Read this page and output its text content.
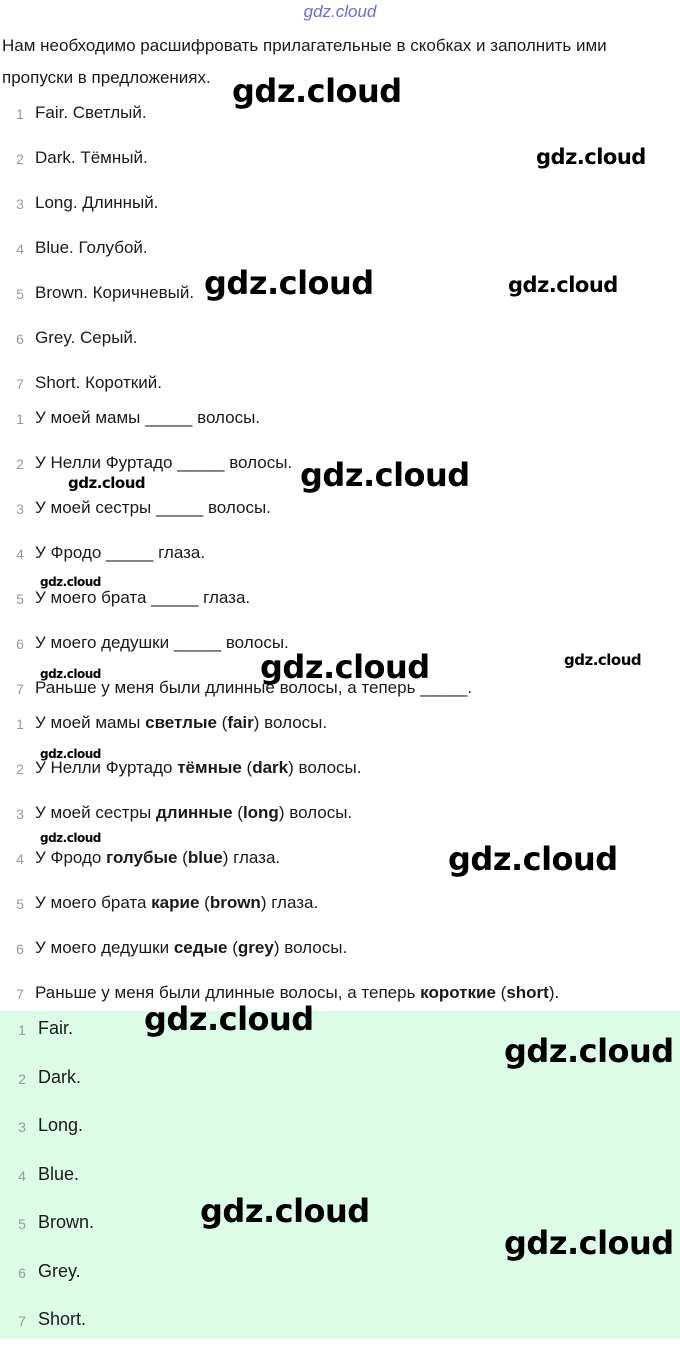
gdz.cloud
Нам необходимо расшифровать прилагательные в скобках и заполнить ими пропуски в предложениях.
1 Fair. Светлый.
2 Dark. Тёмный.
3 Long. Длинный.
4 Blue. Голубой.
5 Brown. Коричневый.
6 Grey. Серый.
7 Short. Короткий.
1 У моей мамы _____ волосы.
2 У Нелли Фуртадо _____ волосы.
3 У моей сестры _____ волосы.
4 У Фродо _____ глаза.
5 У моего брата _____ глаза.
6 У моего дедушки _____ волосы.
7 Раньше у меня были длинные волосы, а теперь _____.
1 У моей мамы светлые (fair) волосы.
2 У Нелли Фуртадо тёмные (dark) волосы.
3 У моей сестры длинные (long) волосы.
4 У Фродо голубые (blue) глаза.
5 У моего брата карие (brown) глаза.
6 У моего дедушки седые (grey) волосы.
7 Раньше у меня были длинные волосы, а теперь короткие (short).
1 Fair.
2 Dark.
3 Long.
4 Blue.
5 Brown.
6 Grey.
7 Short.
gdz.cloud
gdz.cloud
gdz.cloud	gdz.cloud
gdz.cloud
gdz.cloud
gdz.cloud
gdz.cloud	gdz.cloud	gdz.cloud
gdz.cloud
gdz.cloud
gdz.cloud
gdz.cloud
gdz.cloud
gdz.cloud
gdz.cloud
